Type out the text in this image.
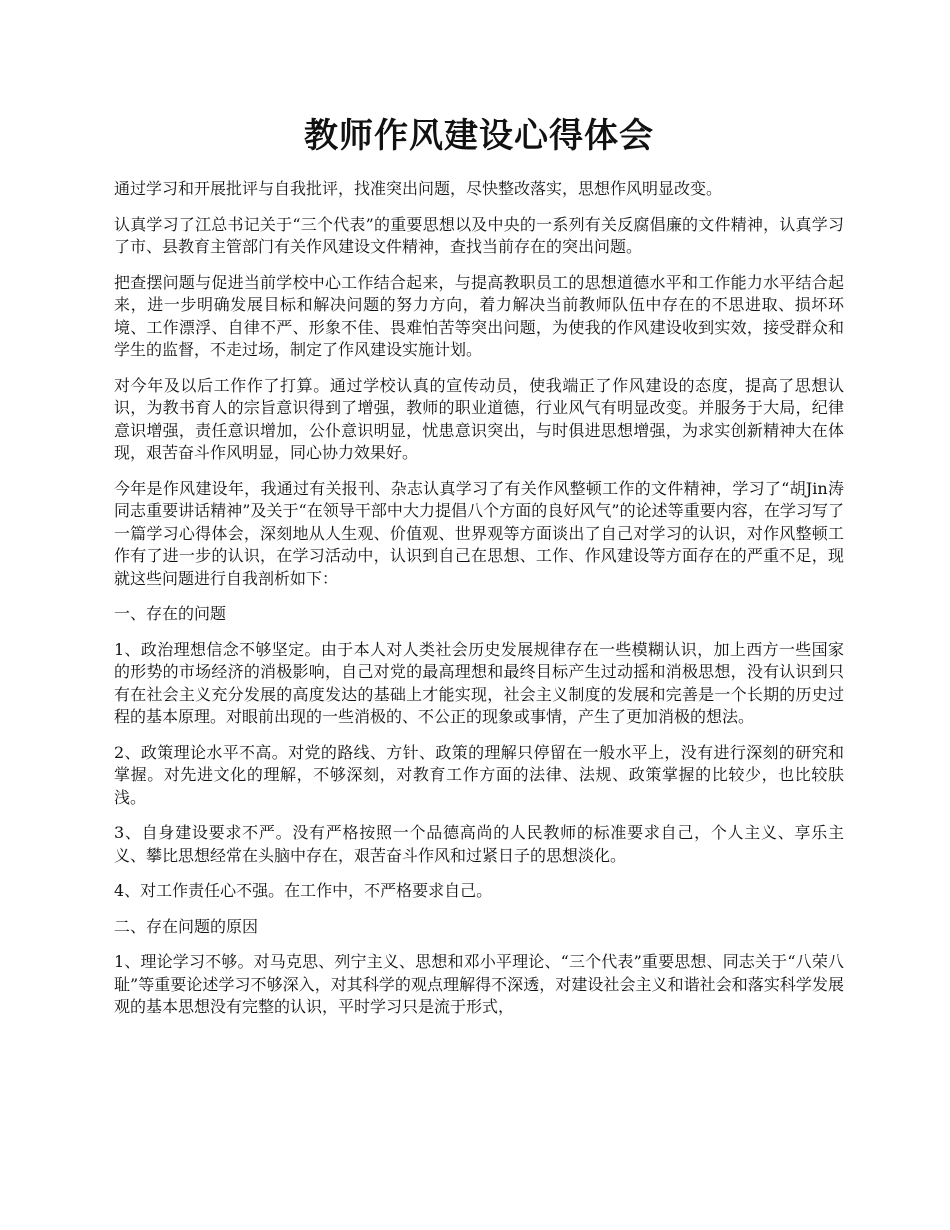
教师作风建设心得体会

通过学习和开展批评与自我批评，找准突出问题，尽快整改落实，思想作风明显改变。

认真学习了江总书记关于“三个代表”的重要思想以及中央的一系列有关反腐倡廉的文件精神，认真学习了市、县教育主管部门有关作风建设文件精神，查找当前存在的突出问题。

把查摆问题与促进当前学校中心工作结合起来，与提高教职员工的思想道德水平和工作能力水平结合起来，进一步明确发展目标和解决问题的努力方向，着力解决当前教师队伍中存在的不思进取、损坏环境、工作漂浮、自律不严、形象不佳、畏难怕苦等突出问题，为使我的作风建设收到实效，接受群众和学生的监督，不走过场，制定了作风建设实施计划。

对今年及以后工作作了打算。通过学校认真的宣传动员，使我端正了作风建设的态度，提高了思想认识，为教书育人的宗旨意识得到了增强，教师的职业道德，行业风气有明显改变。并服务于大局，纪律意识增强，责任意识增加，公仆意识明显，忧患意识突出，与时俱进思想增强，为求实创新精神大在体现，艰苦奋斗作风明显，同心协力效果好。

今年是作风建设年，我通过有关报刊、杂志认真学习了有关作风整顿工作的文件精神，学习了“胡Jin涛同志重要讲话精神”及关于“在领导干部中大力提倡八个方面的良好风气”的论述等重要内容，在学习写了一篇学习心得体会，深刻地从人生观、价值观、世界观等方面谈出了自己对学习的认识，对作风整顿工作有了进一步的认识，在学习活动中，认识到自己在思想、工作、作风建设等方面存在的严重不足，现就这些问题进行自我剖析如下：

一、存在的问题

1、政治理想信念不够坚定。由于本人对人类社会历史发展规律存在一些模糊认识，加上西方一些国家的形势的市场经济的消极影响，自己对党的最高理想和最终目标产生过动摇和消极思想，没有认识到只有在社会主义充分发展的高度发达的基础上才能实现，社会主义制度的发展和完善是一个长期的历史过程的基本原理。对眼前出现的一些消极的、不公正的现象或事情，产生了更加消极的想法。

2、政策理论水平不高。对党的路线、方针、政策的理解只停留在一般水平上，没有进行深刻的研究和掌握。对先进文化的理解，不够深刻，对教育工作方面的法律、法规、政策掌握的比较少，也比较肤浅。

3、自身建设要求不严。没有严格按照一个品德高尚的人民教师的标准要求自己，个人主义、享乐主义、攀比思想经常在头脑中存在，艰苦奋斗作风和过紧日子的思想淡化。

4、对工作责任心不强。在工作中，不严格要求自己。

二、存在问题的原因

1、理论学习不够。对马克思、列宁主义、思想和邓小平理论、“三个代表”重要思想、同志关于“八荣八耻”等重要论述学习不够深入，对其科学的观点理解得不深透，对建设社会主义和谐社会和落实科学发展观的基本思想没有完整的认识，平时学习只是流于形式，
